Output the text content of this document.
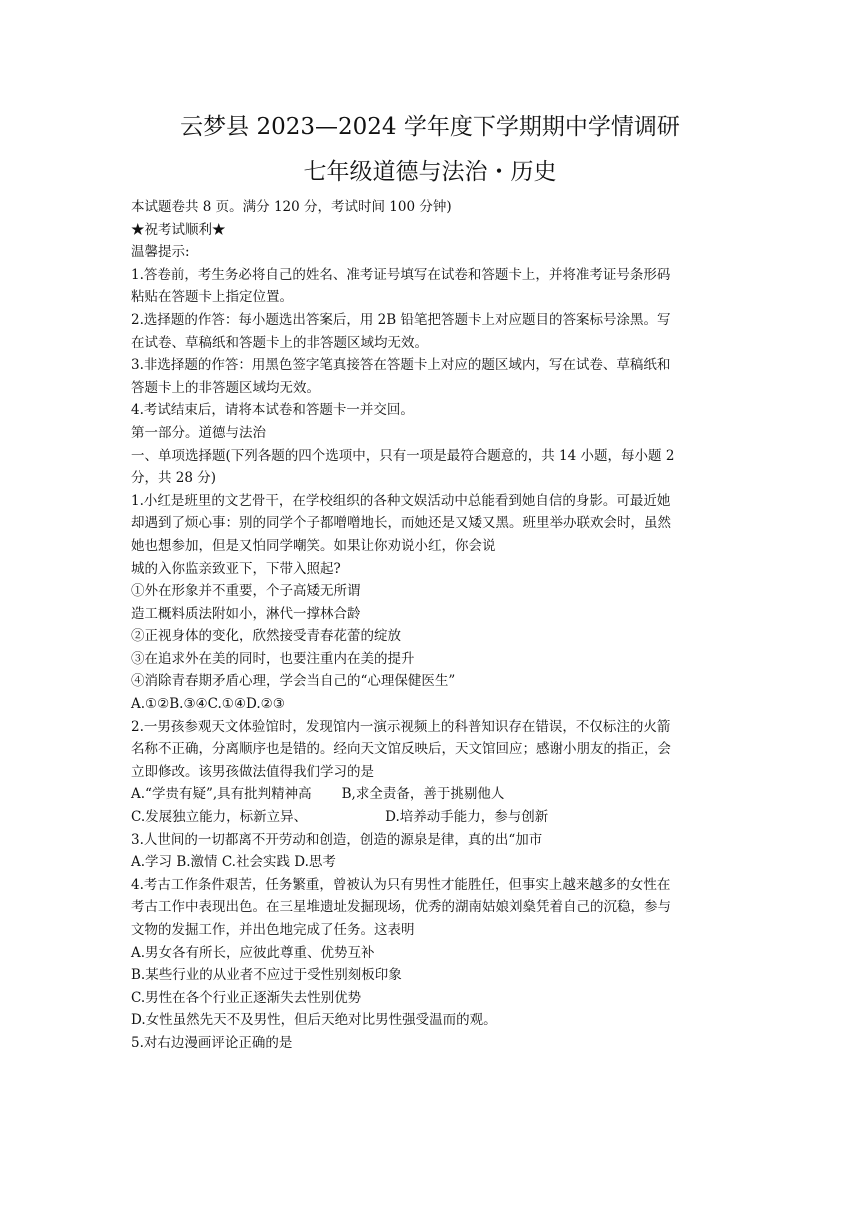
云梦县 2023—2024 学年度下学期期中学情调研
七年级道德与法治・历史
本试题卷共 8 页。满分 120 分，考试时间 100 分钟)
★祝考试顺利★
温馨提示:
1.答卷前，考生务必将自己的姓名、准考证号填写在试卷和答题卡上，并将准考证号条形码
粘贴在答题卡上指定位置。
2.选择题的作答：每小题选出答案后，用 2B 铅笔把答题卡上对应题目的答案标号涂黑。写
在试卷、草稿纸和答题卡上的非答题区域均无效。
3.非选择题的作答：用黑色签字笔真接答在答题卡上对应的题区域内，写在试卷、草稿纸和
答题卡上的非答题区域均无效。
4.考试结束后，请将本试卷和答题卡一并交回。
第一部分。道德与法治
一、单项选择题(下列各题的四个选项中，只有一项是最符合题意的，共 14 小题，每小题 2
分，共 28 分)
1.小红是班里的文艺骨干，在学校组织的各种文娱活动中总能看到她自信的身影。可最近她
却遇到了烦心事：别的同学个子都噌噌地长，而她还是又矮又黑。班里举办联欢会时，虽然
她也想参加，但是又怕同学嘲笑。如果让你劝说小红，你会说
城的入你监亲致亚下，下带入照起?
①外在形象并不重要，个子高矮无所谓
造工概料质法附如小，淋代一撑林合龄
②正视身体的变化，欣然接受青春花蕾的绽放
③在追求外在美的同时，也要注重内在美的提升
④消除青春期矛盾心理，学会当自己的“心理保健医生”
A.①②B.③④C.①④D.②③
2.一男孩参观天文体验馆时，发现馆内一演示视频上的科普知识存在错误，不仅标注的火箭
名称不正确，分离顺序也是错的。经向天文馆反映后，天文馆回应；感谢小朋友的指正，会
立即修改。该男孩做法值得我们学习的是
A.“学贵有疑”,具有批判精神高 B,求全责备，善于挑剔他人
C.发展独立能力，标新立异、	D.培养动手能力，参与创新
3.人世间的一切都离不开劳动和创造，创造的源泉是律，真的出“加市
A.学习 B.激情 C.社会实践 D.思考
4.考古工作条件艰苦，任务繁重，曾被认为只有男性才能胜任，但事实上越来越多的女性在
考古工作中表现出色。在三星堆遗址发掘现场，优秀的湖南姑娘刘燊凭着自己的沉稳，参与
文物的发掘工作，并出色地完成了任务。这表明
A.男女各有所长，应彼此尊重、优势互补
B.某些行业的从业者不应过于受性别刻板印象
C.男性在各个行业正逐渐失去性别优势
D.女性虽然先天不及男性，但后天绝对比男性强受温而的观。
5.对右边漫画评论正确的是
